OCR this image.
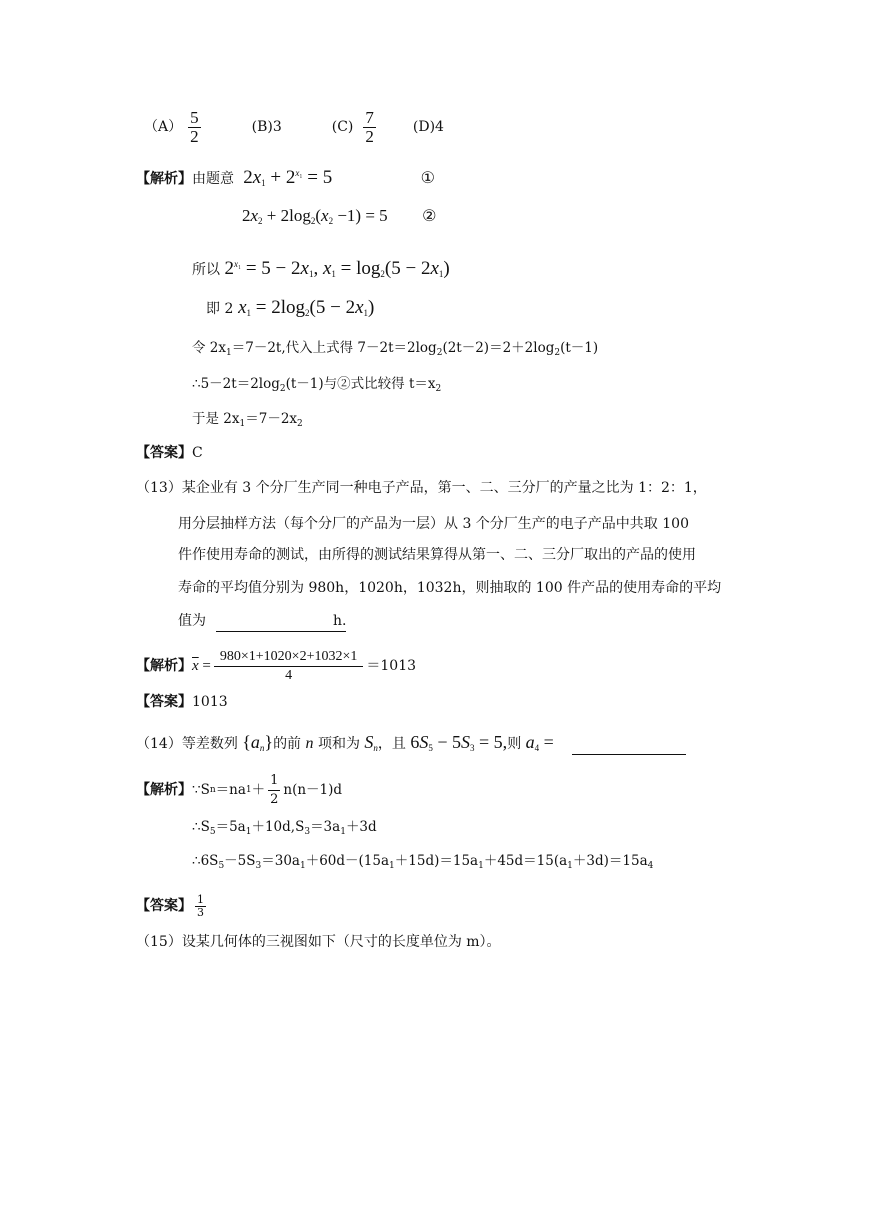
$(A) \frac{5}{2}$	(B)3	$(C) \frac{7}{2}$	(D)4
【解析】由题意  $2x_1 + 2^{x_1} = 5$	①
$2x_2 + 2\log_2(x_2 -1) = 5$ ②
所以 $2^{x_1} = 5 - 2x_1$, $x_1 = \log_2(5 - 2x_1)$
即 2 $x_1 = 2\log_2(5 - 2x_1)$
令 $2x_1=7-2t$,代入上式得 $7-2t=2\log_2(2t-2)=2+2\log_2(t-1)$
$\therefore 5-2t=2\log_2(t-1)$与②式比较得 $t=x_2$
于是 $2x_1=7-2x_2$
【答案】C
（13）某企业有 3 个分厂生产同一种电子产品，第一、二、三分厂的产量之比为 1：2：1，
用分层抽样方法（每个分厂的产品为一层）从 3 个分厂生产的电子产品中共取 100
件作使用寿命的测试，由所得的测试结果算得从第一、二、三分厂取出的产品的使用
寿命的平均值分别为 980h，1020h，1032h，则抽取的 100 件产品的使用寿命的平均
值为	h.
【解析】 $\overline{x} = \frac{980\times 1+1020\times 2+1032\times 1}{4} =1013$
【答案】1013
（14）等差数列 $\{a_n\}$的前 n 项和为 $S_n$，且 $6S_5 - 5S_3 = 5$,则 $a_4$ =
【解析】 ∵S n ＝na $1 + \frac{1}{2} n(n-1)d$
$\therefore S_5=5a_1+10d,S_3=3a_1+3d$
$\therefore 6S_5-5S_3=30a_1+60d-(15a_1+15d)=15a_1+45d=15(a_1+3d)=15a_4$
【答案】 $\frac{1}{3}$
（15）设某几何体的三视图如下（尺寸的长度单位为 m）。
